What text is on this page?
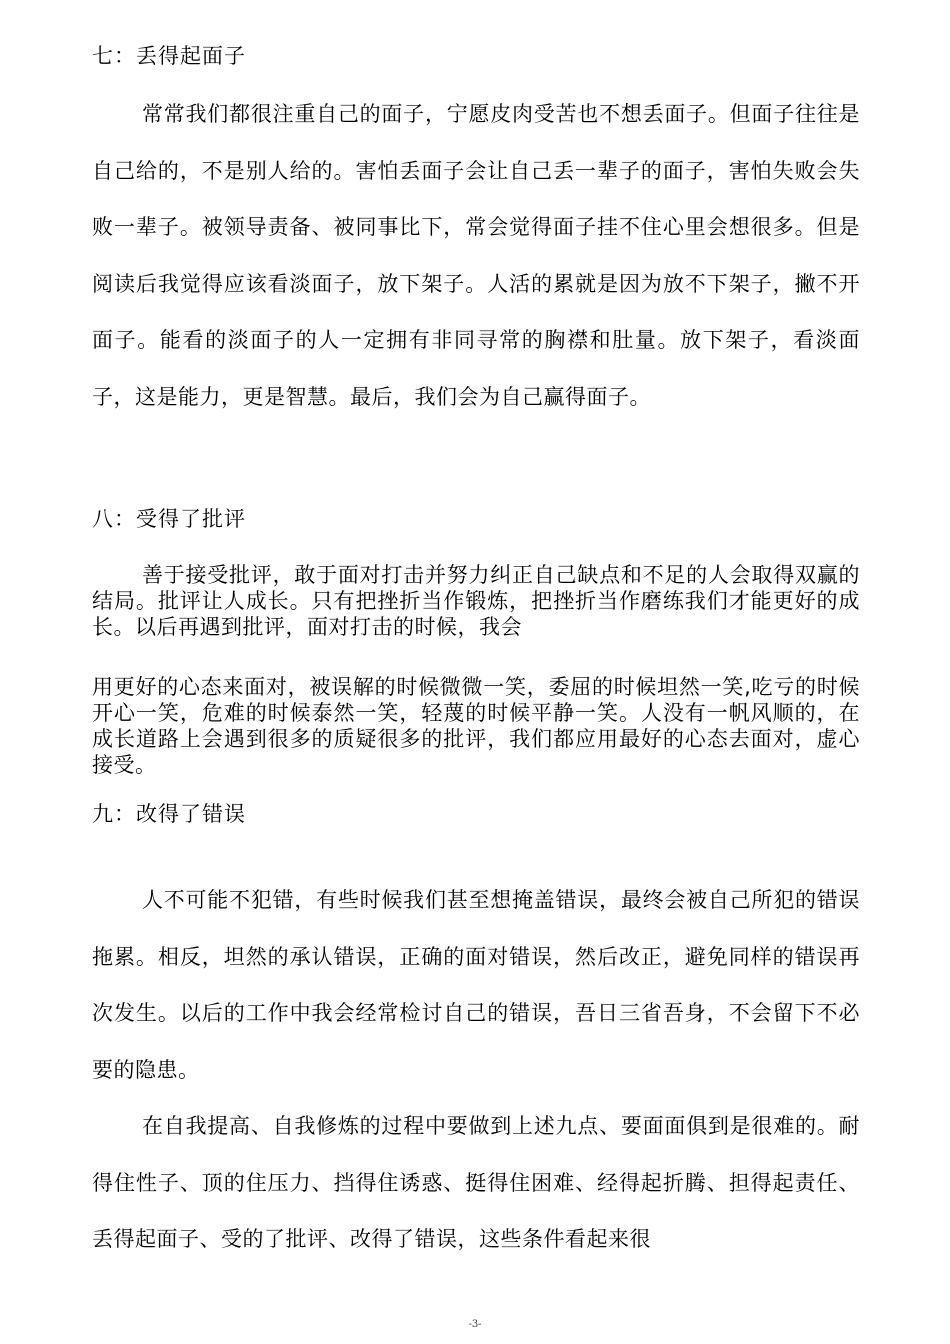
七：丢得起面子
常常我们都很注重自己的面子，宁愿皮肉受苦也不想丢面子。但面子往往是自己给的，不是别人给的。害怕丢面子会让自己丢一辈子的面子，害怕失败会失败一辈子。被领导责备、被同事比下，常会觉得面子挂不住心里会想很多。但是阅读后我觉得应该看淡面子，放下架子。人活的累就是因为放不下架子，撇不开面子。能看的淡面子的人一定拥有非同寻常的胸襟和肚量。放下架子，看淡面子，这是能力，更是智慧。最后，我们会为自己赢得面子。
八：受得了批评
善于接受批评，敢于面对打击并努力纠正自己缺点和不足的人会取得双赢的结局。批评让人成长。只有把挫折当作锻炼，把挫折当作磨练我们才能更好的成长。以后再遇到批评，面对打击的时候，我会
用更好的心态来面对，被误解的时候微微一笑，委屈的时候坦然一笑,吃亏的时候开心一笑，危难的时候泰然一笑，轻蔑的时候平静一笑。人没有一帆风顺的，在成长道路上会遇到很多的质疑很多的批评，我们都应用最好的心态去面对，虚心接受。
九：改得了错误
人不可能不犯错，有些时候我们甚至想掩盖错误，最终会被自己所犯的错误拖累。相反，坦然的承认错误，正确的面对错误，然后改正，避免同样的错误再次发生。以后的工作中我会经常检讨自己的错误，吾日三省吾身，不会留下不必要的隐患。
在自我提高、自我修炼的过程中要做到上述九点、要面面俱到是很难的。耐得住性子、顶的住压力、挡得住诱惑、挺得住困难、经得起折腾、担得起责任、丢得起面子、受的了批评、改得了错误，这些条件看起来很
-3-
